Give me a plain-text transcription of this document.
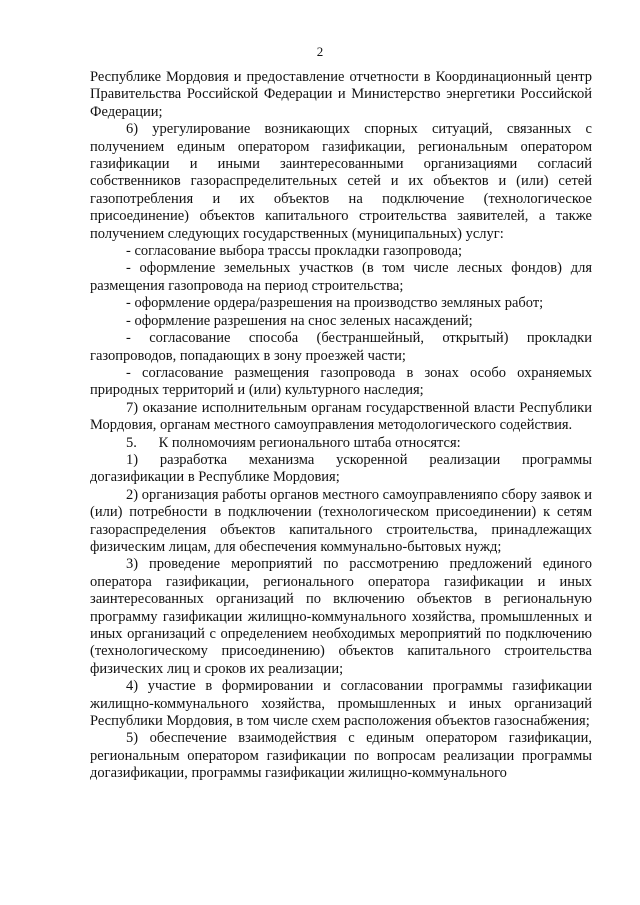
2

Республике Мордовия и предоставление отчетности в Координационный центр Правительства Российской Федерации и Министерство энергетики Российской Федерации;

6) урегулирование возникающих спорных ситуаций, связанных с получением единым оператором газификации, региональным оператором газификации и иными заинтересованными организациями согласий собственников газораспределительных сетей и их объектов и (или) сетей газопотребления и их объектов на подключение (технологическое присоединение) объектов капитального строительства заявителей, а также получением следующих государственных (муниципальных) услуг:

- согласование выбора трассы прокладки газопровода;

- оформление земельных участков (в том числе лесных фондов) для размещения газопровода на период строительства;

- оформление ордера/разрешения на производство земляных работ;

- оформление разрешения на снос зеленых насаждений;

- согласование способа (бестраншейный, открытый) прокладки газопроводов, попадающих в зону проезжей части;

- согласование размещения газопровода в зонах особо охраняемых природных территорий и (или) культурного наследия;

7) оказание исполнительным органам государственной власти Республики Мордовия, органам местного самоуправления методологического содействия.

5.      К полномочиям регионального штаба относятся:

1) разработка механизма ускоренной реализации программы догазификации в Республике Мордовия;

2) организация работы органов местного самоуправленияпо сбору заявок и (или) потребности в подключении (технологическом присоединении) к сетям газораспределения объектов капитального строительства, принадлежащих физическим лицам, для обеспечения коммунально-бытовых нужд;

3) проведение мероприятий по рассмотрению предложений единого оператора газификации, регионального оператора газификации и иных заинтересованных организаций по включению объектов в региональную программу газификации жилищно-коммунального хозяйства, промышленных и иных организаций с определением необходимых мероприятий по подключению (технологическому присоединению) объектов капитального строительства физических лиц и сроков их реализации;

4) участие в формировании и согласовании программы газификации жилищно-коммунального хозяйства, промышленных и иных организаций Республики Мордовия, в том числе схем расположения объектов газоснабжения;

5) обеспечение взаимодействия с единым оператором газификации, региональным оператором газификации по вопросам реализации программы догазификации, программы газификации жилищно-коммунального
